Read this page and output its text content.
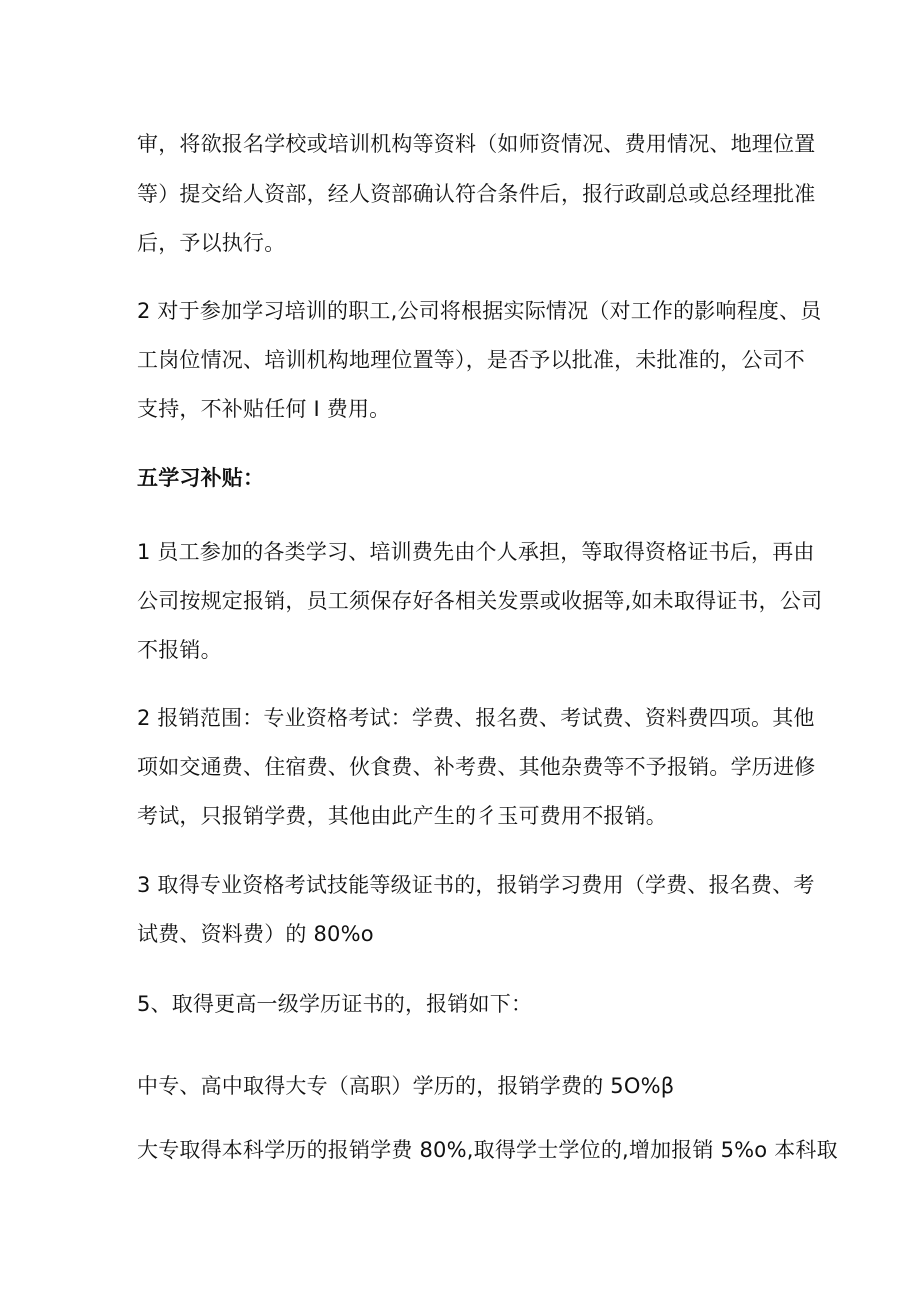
审，将欲报名学校或培训机构等资料（如师资情况、费用情况、地理位置
等）提交给人资部，经人资部确认符合条件后，报行政副总或总经理批准
后，予以执行。
2 对于参加学习培训的职工,公司将根据实际情况（对工作的影响程度、员
工岗位情况、培训机构地理位置等），是否予以批准，未批准的，公司不
支持，不补贴任何 I 费用。
五学习补贴：
1 员工参加的各类学习、培训费先由个人承担，等取得资格证书后，再由
公司按规定报销，员工须保存好各相关发票或收据等,如未取得证书，公司
不报销。
2 报销范围：专业资格考试：学费、报名费、考试费、资料费四项。其他
项如交通费、住宿费、伙食费、补考费、其他杂费等不予报销。学历进修
考试，只报销学费，其他由此产生的彳玉可费用不报销。
3 取得专业资格考试技能等级证书的，报销学习费用（学费、报名费、考
试费、资料费）的 80%o
5、取得更高一级学历证书的，报销如下：
中专、高中取得大专（高职）学历的，报销学费的 5O%β
大专取得本科学历的报销学费 80%,取得学士学位的,增加报销 5%o 本科取
